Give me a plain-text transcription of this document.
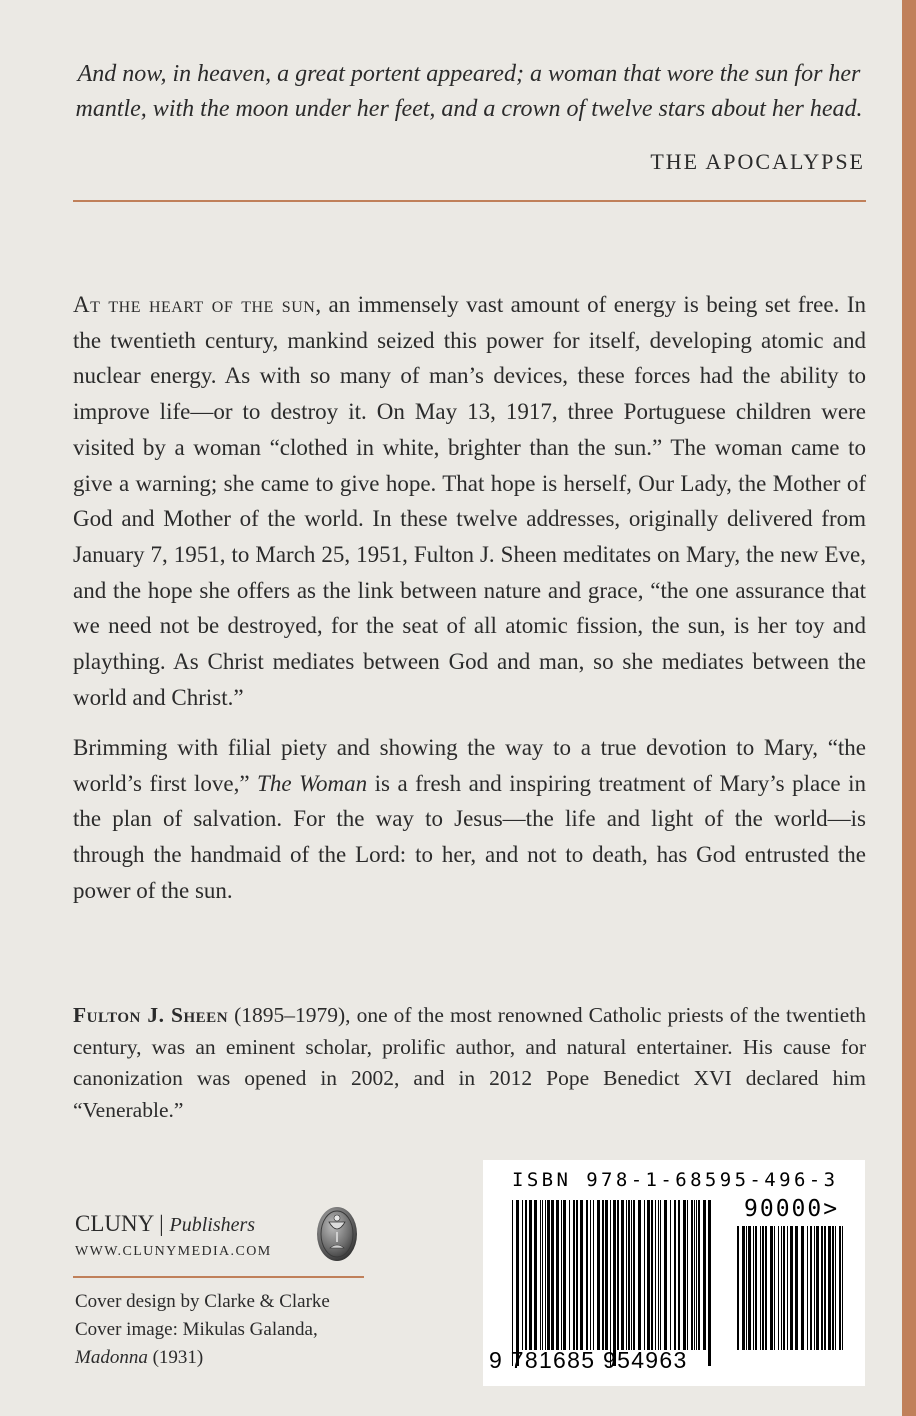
And now, in heaven, a great portent appeared; a woman that wore the sun for her mantle, with the moon under her feet, and a crown of twelve stars about her head.
THE APOCALYPSE

At the heart of the sun, an immensely vast amount of energy is being set free. In the twentieth century, mankind seized this power for itself, developing atomic and nuclear energy. As with so many of man’s devices, these forces had the ability to improve life—or to destroy it. On May 13, 1917, three Portuguese children were visited by a woman “clothed in white, brighter than the sun.” The woman came to give a warning; she came to give hope. That hope is herself, Our Lady, the Mother of God and Mother of the world. In these twelve addresses, originally delivered from January 7, 1951, to March 25, 1951, Fulton J. Sheen meditates on Mary, the new Eve, and the hope she offers as the link between nature and grace, “the one assurance that we need not be destroyed, for the seat of all atomic fission, the sun, is her toy and plaything. As Christ mediates between God and man, so she mediates between the world and Christ.”

Brimming with filial piety and showing the way to a true devotion to Mary, “the world’s first love,” The Woman is a fresh and inspiring treatment of Mary’s place in the plan of salvation. For the way to Jesus—the life and light of the world—is through the handmaid of the Lord: to her, and not to death, has God entrusted the power of the sun.

Fulton J. Sheen (1895–1979), one of the most renowned Catholic priests of the twentieth century, was an eminent scholar, prolific author, and natural entertainer. His cause for canonization was opened in 2002, and in 2012 Pope Benedict XVI declared him “Venerable.”

CLUNY | Publishers
WWW.CLUNYMEDIA.COM
Cover design by Clarke & Clarke
Cover image: Mikulas Galanda,
Madonna (1931)
ISBN 978-1-68595-496-3
90000>
9 781685 954963
